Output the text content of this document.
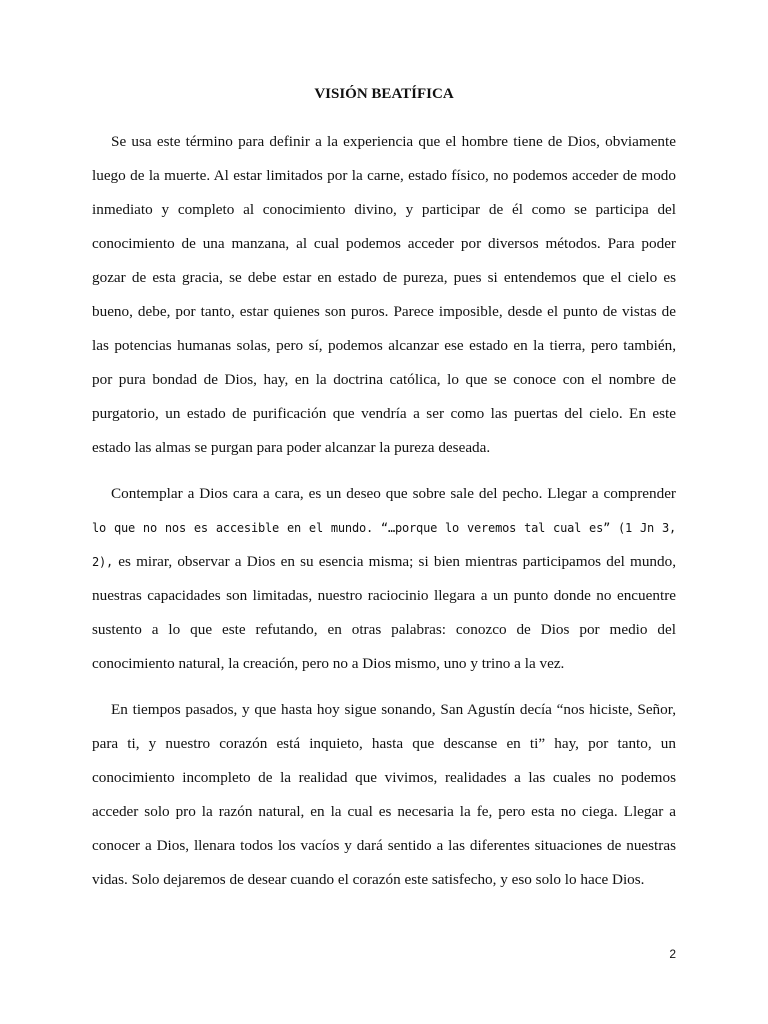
VISIÓN BEATÍFICA

Se usa este término para definir a la experiencia que el hombre tiene de Dios, obviamente luego de la muerte. Al estar limitados por la carne, estado físico, no podemos acceder de modo inmediato y completo al conocimiento divino, y participar de él como se participa del conocimiento de una manzana, al cual podemos acceder por diversos métodos. Para poder gozar de esta gracia, se debe estar en estado de pureza, pues si entendemos que el cielo es bueno, debe, por tanto, estar quienes son puros. Parece imposible, desde el punto de vistas de las potencias humanas solas, pero sí, podemos alcanzar ese estado en la tierra, pero también, por pura bondad de Dios, hay, en la doctrina católica, lo que se conoce con el nombre de purgatorio, un estado de purificación que vendría a ser como las puertas del cielo. En este estado las almas se purgan para poder alcanzar la pureza deseada.

Contemplar a Dios cara a cara, es un deseo que sobre sale del pecho. Llegar a comprender lo que no nos es accesible en el mundo. “…porque lo veremos tal cual es” (1 Jn 3, 2), es mirar, observar a Dios en su esencia misma; si bien mientras participamos del mundo, nuestras capacidades son limitadas, nuestro raciocinio llegara a un punto donde no encuentre sustento a lo que este refutando, en otras palabras: conozco de Dios por medio del conocimiento natural, la creación, pero no a Dios mismo, uno y trino a la vez.

En tiempos pasados, y que hasta hoy sigue sonando, San Agustín decía “nos hiciste, Señor, para ti, y nuestro corazón está inquieto, hasta que descanse en ti” hay, por tanto, un conocimiento incompleto de la realidad que vivimos, realidades a las cuales no podemos acceder solo pro la razón natural, en la cual es necesaria la fe, pero esta no ciega. Llegar a conocer a Dios, llenara todos los vacíos y dará sentido a las diferentes situaciones de nuestras vidas. Solo dejaremos de desear cuando el corazón este satisfecho, y eso solo lo hace Dios.

2
